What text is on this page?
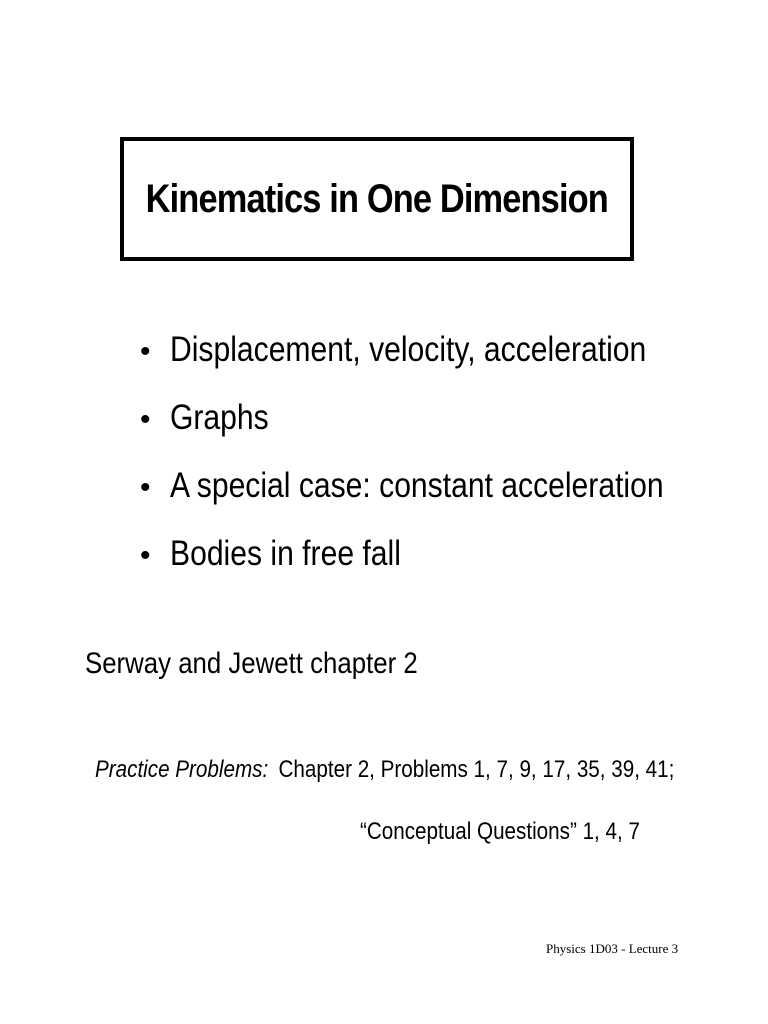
Kinematics in One Dimension
• Displacement, velocity, acceleration
• Graphs
• A special case: constant acceleration
• Bodies in free fall
Serway and Jewett chapter 2
Practice Problems: Chapter 2, Problems 1, 7, 9, 17, 35, 39, 41;
“Conceptual Questions” 1, 4, 7
Physics 1D03 - Lecture 3
